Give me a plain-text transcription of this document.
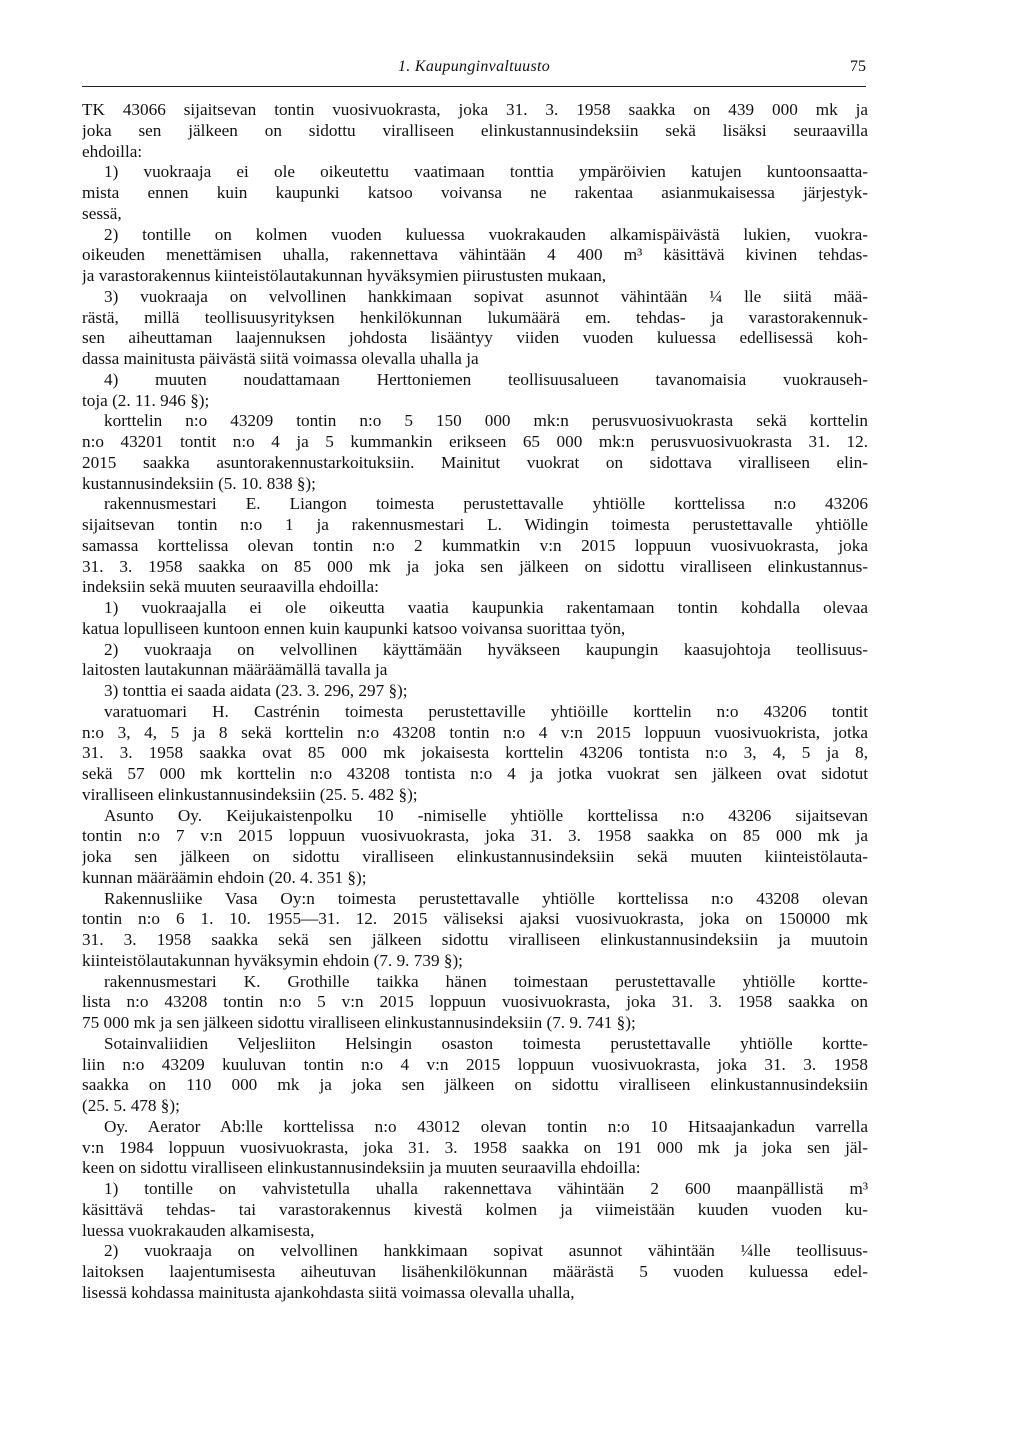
1. Kaupunginvaltuusto	75
TK 43066 sijaitsevan tontin vuosivuokrasta, joka 31. 3. 1958 saakka on 439 000 mk ja
joka sen jälkeen on sidottu viralliseen elinkustannusindeksiin sekä lisäksi seuraavilla
ehdoilla:
1) vuokraaja ei ole oikeutettu vaatimaan tonttia ympäröivien katujen kuntoonsaatta-
mista ennen kuin kaupunki katsoo voivansa ne rakentaa asianmukaisessa järjestyk-
sessä,
2) tontille on kolmen vuoden kuluessa vuokrakauden alkamispäivästä lukien, vuokra-
oikeuden menettämisen uhalla, rakennettava vähintään 4 400 m³ käsittävä kivinen tehdas-
ja varastorakennus kiinteistölautakunnan hyväksymien piirustusten mukaan,
3) vuokraaja on velvollinen hankkimaan sopivat asunnot vähintään ¼ lle siitä mää-
rästä, millä teollisuusyrityksen henkilökunnan lukumäärä em. tehdas- ja varastorakennuk-
sen aiheuttaman laajennuksen johdosta lisääntyy viiden vuoden kuluessa edellisessä koh-
dassa mainitusta päivästä siitä voimassa olevalla uhalla ja
4) muuten noudattamaan Herttoniemen teollisuusalueen tavanomaisia vuokrauseh-
toja (2. 11. 946 §);
korttelin n:o 43209 tontin n:o 5 150 000 mk:n perusvuosivuokrasta sekä korttelin
n:o 43201 tontit n:o 4 ja 5 kummankin erikseen 65 000 mk:n perusvuosivuokrasta 31. 12.
2015 saakka asuntorakennustarkoituksiin. Mainitut vuokrat on sidottava viralliseen elin-
kustannusindeksiin (5. 10. 838 §);
rakennusmestari E. Liangon toimesta perustettavalle yhtiölle korttelissa n:o 43206
sijaitsevan tontin n:o 1 ja rakennusmestari L. Widingin toimesta perustettavalle yhtiölle
samassa korttelissa olevan tontin n:o 2 kummatkin v:n 2015 loppuun vuosivuokrasta, joka
31. 3. 1958 saakka on 85 000 mk ja joka sen jälkeen on sidottu viralliseen elinkustannus-
indeksiin sekä muuten seuraavilla ehdoilla:
1) vuokraajalla ei ole oikeutta vaatia kaupunkia rakentamaan tontin kohdalla olevaa
katua lopulliseen kuntoon ennen kuin kaupunki katsoo voivansa suorittaa työn,
2) vuokraaja on velvollinen käyttämään hyväkseen kaupungin kaasujohtoja teollisuus-
laitosten lautakunnan määräämällä tavalla ja
3) tonttia ei saada aidata (23. 3. 296, 297 §);
varatuomari H. Castrénin toimesta perustettaville yhtiöille korttelin n:o 43206 tontit
n:o 3, 4, 5 ja 8 sekä korttelin n:o 43208 tontin n:o 4 v:n 2015 loppuun vuosivuokrista, jotka
31. 3. 1958 saakka ovat 85 000 mk jokaisesta korttelin 43206 tontista n:o 3, 4, 5 ja 8,
sekä 57 000 mk korttelin n:o 43208 tontista n:o 4 ja jotka vuokrat sen jälkeen ovat sidotut
viralliseen elinkustannusindeksiin (25. 5. 482 §);
Asunto Oy. Keijukaistenpolku 10 -nimiselle yhtiölle korttelissa n:o 43206 sijaitsevan
tontin n:o 7 v:n 2015 loppuun vuosivuokrasta, joka 31. 3. 1958 saakka on 85 000 mk ja
joka sen jälkeen on sidottu viralliseen elinkustannusindeksiin sekä muuten kiinteistölauta-
kunnan määräämin ehdoin (20. 4. 351 §);
Rakennusliike Vasa Oy:n toimesta perustettavalle yhtiölle korttelissa n:o 43208 olevan
tontin n:o 6 1. 10. 1955—31. 12. 2015 väliseksi ajaksi vuosivuokrasta, joka on 150000 mk
31. 3. 1958 saakka sekä sen jälkeen sidottu viralliseen elinkustannusindeksiin ja muutoin
kiinteistölautakunnan hyväksymin ehdoin (7. 9. 739 §);
rakennusmestari K. Grothille taikka hänen toimestaan perustettavalle yhtiölle kortte-
lista n:o 43208 tontin n:o 5 v:n 2015 loppuun vuosivuokrasta, joka 31. 3. 1958 saakka on
75 000 mk ja sen jälkeen sidottu viralliseen elinkustannusindeksiin (7. 9. 741 §);
Sotainvaliidien Veljesliiton Helsingin osaston toimesta perustettavalle yhtiölle kortte-
liin n:o 43209 kuuluvan tontin n:o 4 v:n 2015 loppuun vuosivuokrasta, joka 31. 3. 1958
saakka on 110 000 mk ja joka sen jälkeen on sidottu viralliseen elinkustannusindeksiin
(25. 5. 478 §);
Oy. Aerator Ab:lle korttelissa n:o 43012 olevan tontin n:o 10 Hitsaajankadun varrella
v:n 1984 loppuun vuosivuokrasta, joka 31. 3. 1958 saakka on 191 000 mk ja joka sen jäl-
keen on sidottu viralliseen elinkustannusindeksiin ja muuten seuraavilla ehdoilla:
1) tontille on vahvistetulla uhalla rakennettava vähintään 2 600 maanpällistä m³
käsittävä tehdas- tai varastorakennus kivestä kolmen ja viimeistään kuuden vuoden ku-
luessa vuokrakauden alkamisesta,
2) vuokraaja on velvollinen hankkimaan sopivat asunnot vähintään ¼lle teollisuus-
laitoksen laajentumisesta aiheutuvan lisähenkilökunnan määrästä 5 vuoden kuluessa edel-
lisessä kohdassa mainitusta ajankohdasta siitä voimassa olevalla uhalla,
